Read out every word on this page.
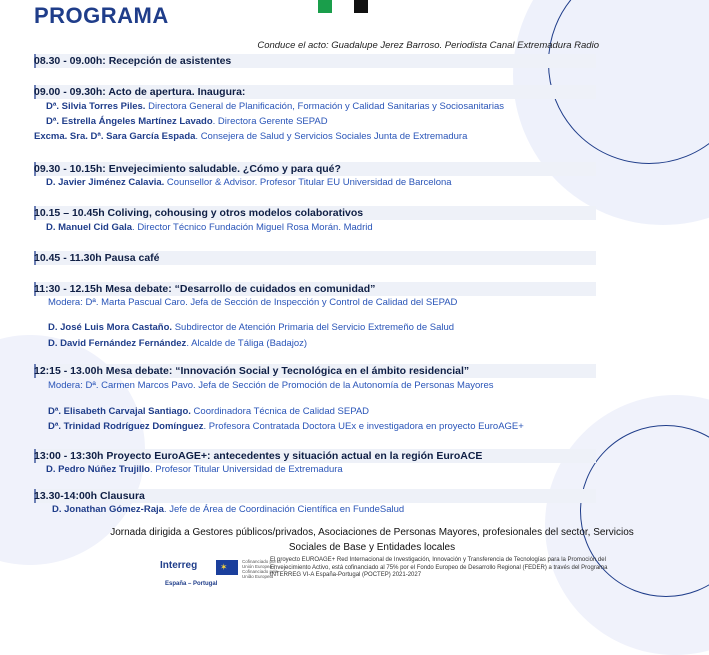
PROGRAMA
Conduce el acto: Guadalupe Jerez Barroso. Periodista Canal Extremadura Radio
08.30 - 09.00h: Recepción de asistentes
09.00 - 09.30h: Acto de apertura. Inaugura:
Dª. Silvia Torres Piles. Directora General de Planificación, Formación y Calidad Sanitarias y Sociosanitarias
Dª. Estrella Ángeles Martínez Lavado. Directora Gerente SEPAD
Excma. Sra. Dª. Sara García Espada. Consejera de Salud y Servicios Sociales Junta de Extremadura
09.30 - 10.15h: Envejecimiento saludable. ¿Cómo y para qué?
D. Javier Jiménez Calavia. Counsellor & Advisor. Profesor Titular EU Universidad de Barcelona
10.15 – 10.45h Coliving, cohousing y otros modelos colaborativos
D. Manuel Cid Gala. Director Técnico Fundación Miguel Rosa Morán. Madrid
10.45 - 11.30h Pausa café
11:30 - 12.15h Mesa debate: “Desarrollo de cuidados en comunidad”
Modera: Dª. Marta Pascual Caro. Jefa de Sección de Inspección y Control de Calidad del SEPAD
D. José Luis Mora Castaño. Subdirector de Atención Primaria del Servicio Extremeño de Salud
D. David Fernández Fernández. Alcalde de Táliga (Badajoz)
12:15 - 13.00h Mesa debate: “Innovación Social y Tecnológica en el ámbito residencial”
Modera: Dª. Carmen Marcos Pavo. Jefa de Sección de Promoción de la Autonomía de Personas Mayores
Dª. Elisabeth Carvajal Santiago. Coordinadora Técnica de Calidad SEPAD
Dª. Trinidad Rodríguez Domínguez. Profesora Contratada Doctora UEx e investigadora en proyecto EuroAGE+
13:00 - 13:30h Proyecto EuroAGE+: antecedentes y situación actual en la región EuroACE
D. Pedro Núñez Trujillo. Profesor Titular Universidad de Extremadura
13.30-14:00h Clausura
D. Jonathan Gómez-Raja. Jefe de Área de Coordinación Científica en FundeSalud
Jornada dirigida a Gestores públicos/privados, Asociaciones de Personas Mayores, profesionales del sector, Servicios
Sociales de Base y Entidades locales
Interreg
España – Portugal
✶
Cofinanciado por la Unión Europea / Cofinanciado pela União Europeia
El proyecto EUROAGE+ Red Internacional de Investigación, Innovación y Transferencia de Tecnologías para la Promoción del Envejecimiento Activo, está cofinanciado al 75% por el Fondo Europeo de Desarrollo Regional (FEDER) a través del Programa INTERREG VI-A España-Portugal (POCTEP) 2021-2027
